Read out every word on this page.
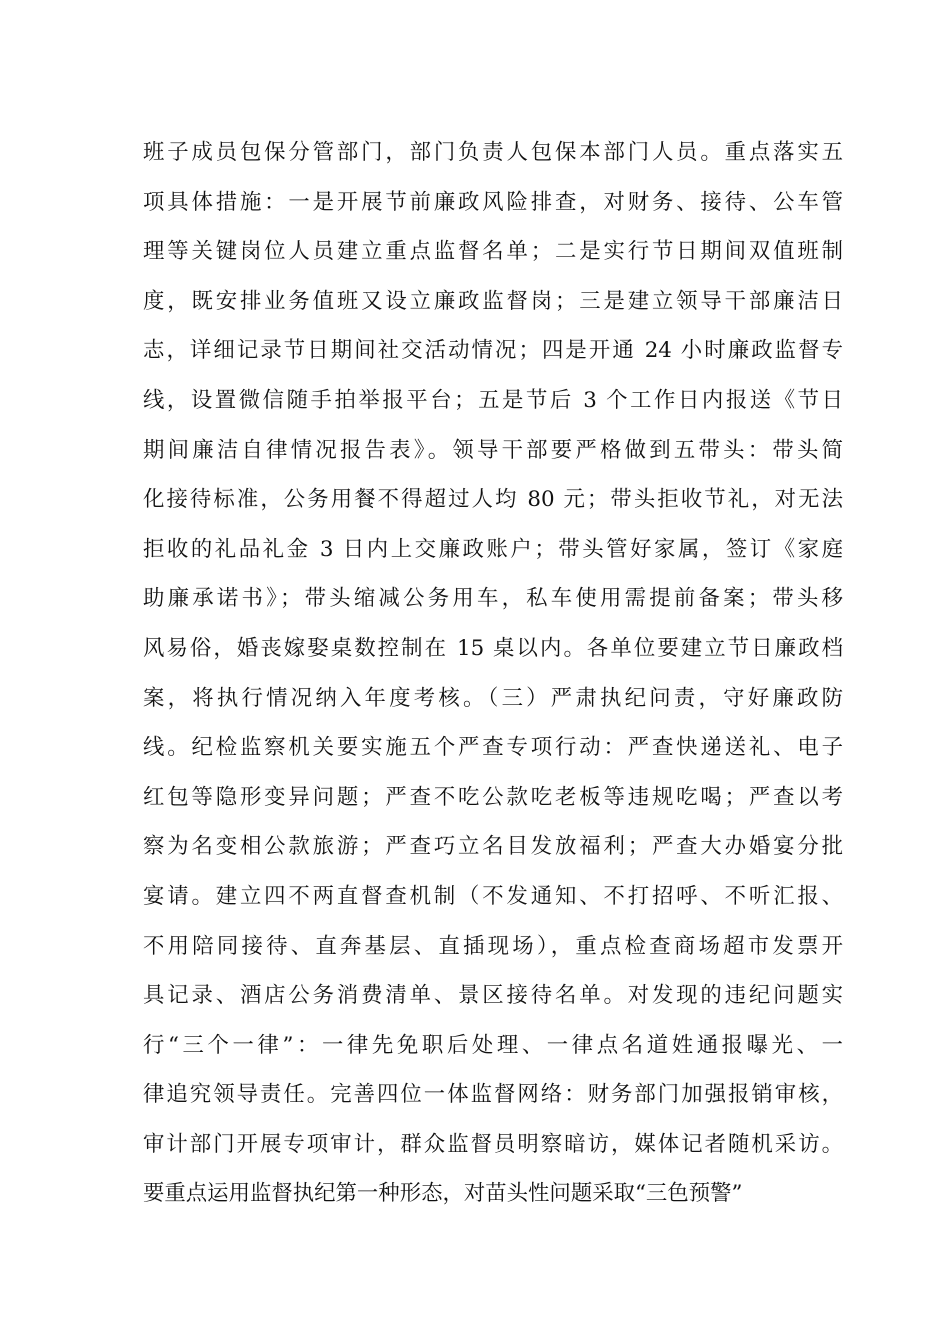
班子成员包保分管部门，部门负责人包保本部门人员。重点落实五
项具体措施：一是开展节前廉政风险排查，对财务、接待、公车管
理等关键岗位人员建立重点监督名单；二是实行节日期间双值班制
度，既安排业务值班又设立廉政监督岗；三是建立领导干部廉洁日
志，详细记录节日期间社交活动情况；四是开通 24 小时廉政监督专
线，设置微信随手拍举报平台；五是节后 3 个工作日内报送《节日
期间廉洁自律情况报告表》。领导干部要严格做到五带头：带头简
化接待标准，公务用餐不得超过人均 80 元；带头拒收节礼，对无法
拒收的礼品礼金 3 日内上交廉政账户；带头管好家属，签订《家庭
助廉承诺书》；带头缩减公务用车，私车使用需提前备案；带头移
风易俗，婚丧嫁娶桌数控制在 15 桌以内。各单位要建立节日廉政档
案，将执行情况纳入年度考核。（三）严肃执纪问责，守好廉政防
线。纪检监察机关要实施五个严查专项行动：严查快递送礼、电子
红包等隐形变异问题；严查不吃公款吃老板等违规吃喝；严查以考
察为名变相公款旅游；严查巧立名目发放福利；严查大办婚宴分批
宴请。建立四不两直督查机制（不发通知、不打招呼、不听汇报、
不用陪同接待、直奔基层、直插现场），重点检查商场超市发票开
具记录、酒店公务消费清单、景区接待名单。对发现的违纪问题实
行“三个一律”：一律先免职后处理、一律点名道姓通报曝光、一
律追究领导责任。完善四位一体监督网络：财务部门加强报销审核，
审计部门开展专项审计，群众监督员明察暗访，媒体记者随机采访。
要重点运用监督执纪第一种形态，对苗头性问题采取“三色预警”
